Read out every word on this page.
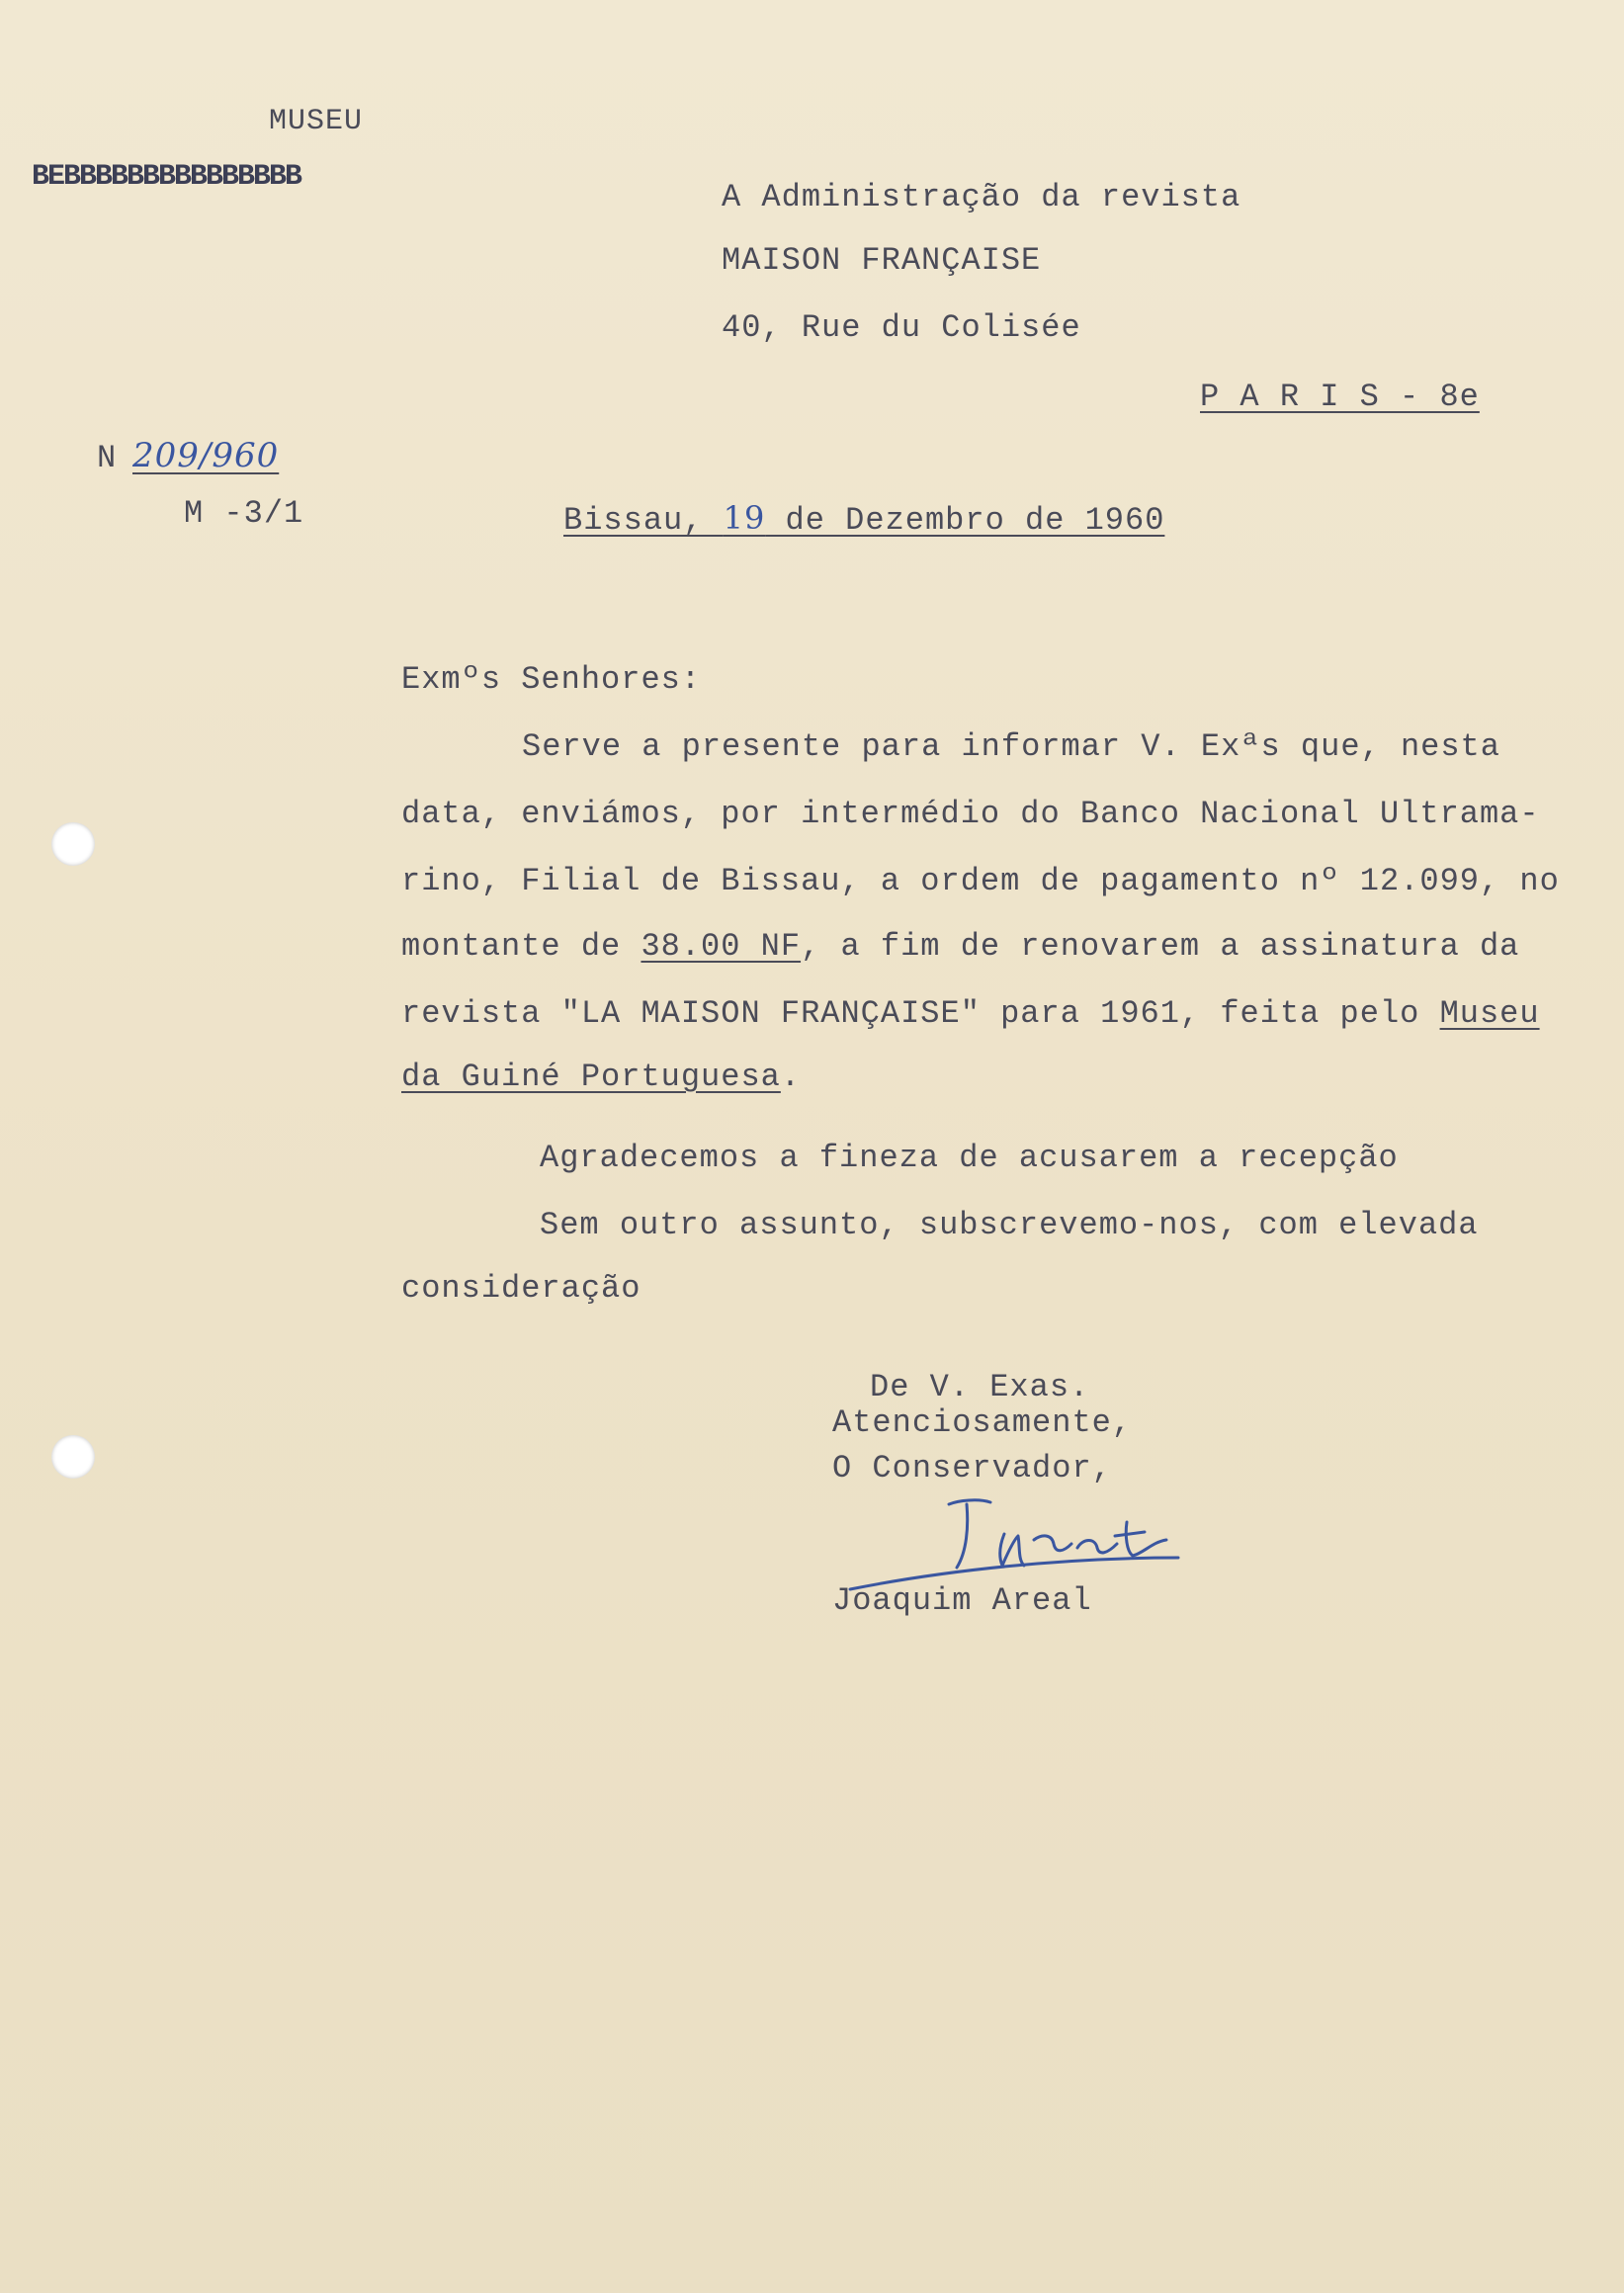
MUSEU
BEBBBBBBBBBBBBBBB
N 209/960
M -3/1
A Administração da revista
MAISON FRANÇAISE
40, Rue du Colisée
P A R I S - 8e
Bissau, 19 de Dezembro de 1960
Exmºs Senhores:
Serve a presente para informar V. Exªs que, nesta
data, enviámos, por intermédio do Banco Nacional Ultrama-
rino, Filial de Bissau, a ordem de pagamento nº 12.099, no
montante de 38.00 NF, a fim de renovarem a assinatura da
revista "LA MAISON FRANÇAISE" para 1961, feita pelo Museu
da Guiné Portuguesa.
Agradecemos a fineza de acusarem a recepção
Sem outro assunto, subscrevemo-nos, com elevada
consideração
De V. Exas.
Atenciosamente,
O Conservador,
Joaquim Areal
